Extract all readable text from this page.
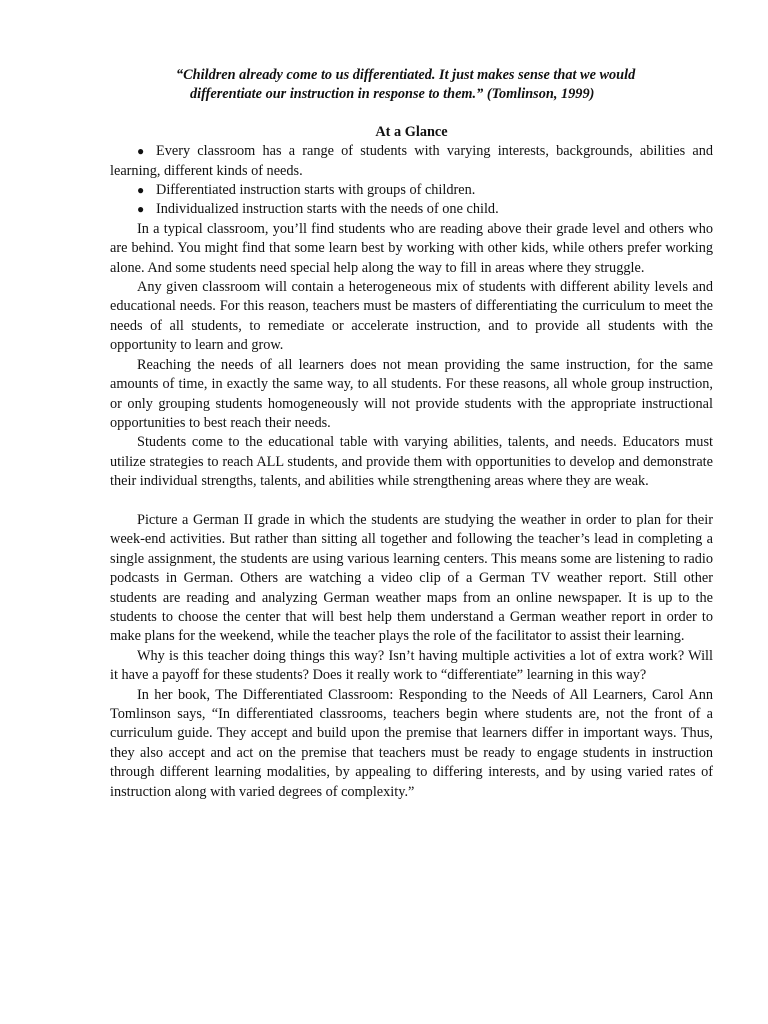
“Children already come to us differentiated. It just makes sense that we would
differentiate our instruction in response to them.” (Tomlinson, 1999)
At a Glance
● Every classroom has a range of students with varying interests, backgrounds, abilities and learning, different kinds of needs.
● Differentiated instruction starts with groups of children.
● Individualized instruction starts with the needs of one child.

In a typical classroom, you’ll find students who are reading above their grade level and others who are behind. You might find that some learn best by working with other kids, while others prefer working alone. And some students need special help along the way to fill in areas where they struggle.

Any given classroom will contain a heterogeneous mix of students with different ability levels and educational needs. For this reason, teachers must be masters of differentiating the curriculum to meet the needs of all students, to remediate or accelerate instruction, and to provide all students with the opportunity to learn and grow.

Reaching the needs of all learners does not mean providing the same instruction, for the same amounts of time, in exactly the same way, to all students. For these reasons, all whole group instruction, or only grouping students homogeneously will not provide students with the appropriate instructional opportunities to best reach their needs.

Students come to the educational table with varying abilities, talents, and needs. Educators must utilize strategies to reach ALL students, and provide them with opportunities to develop and demonstrate their individual strengths, talents, and abilities while strengthening areas where they are weak.

Picture a German II grade in which the students are studying the weather in order to plan for their week-end activities. But rather than sitting all together and following the teacher’s lead in completing a single assignment, the students are using various learning centers. This means some are listening to radio podcasts in German. Others are watching a video clip of a German TV weather report. Still other students are reading and analyzing German weather maps from an online newspaper. It is up to the students to choose the center that will best help them understand a German weather report in order to make plans for the weekend, while the teacher plays the role of the facilitator to assist their learning.

Why is this teacher doing things this way? Isn’t having multiple activities a lot of extra work? Will it have a payoff for these students? Does it really work to “differentiate” learning in this way?

In her book, The Differentiated Classroom: Responding to the Needs of All Learners, Carol Ann Tomlinson says, “In differentiated classrooms, teachers begin where students are, not the front of a curriculum guide. They accept and build upon the premise that learners differ in important ways. Thus, they also accept and act on the premise that teachers must be ready to engage students in instruction through different learning modalities, by appealing to differing interests, and by using varied rates of instruction along with varied degrees of complexity.”
